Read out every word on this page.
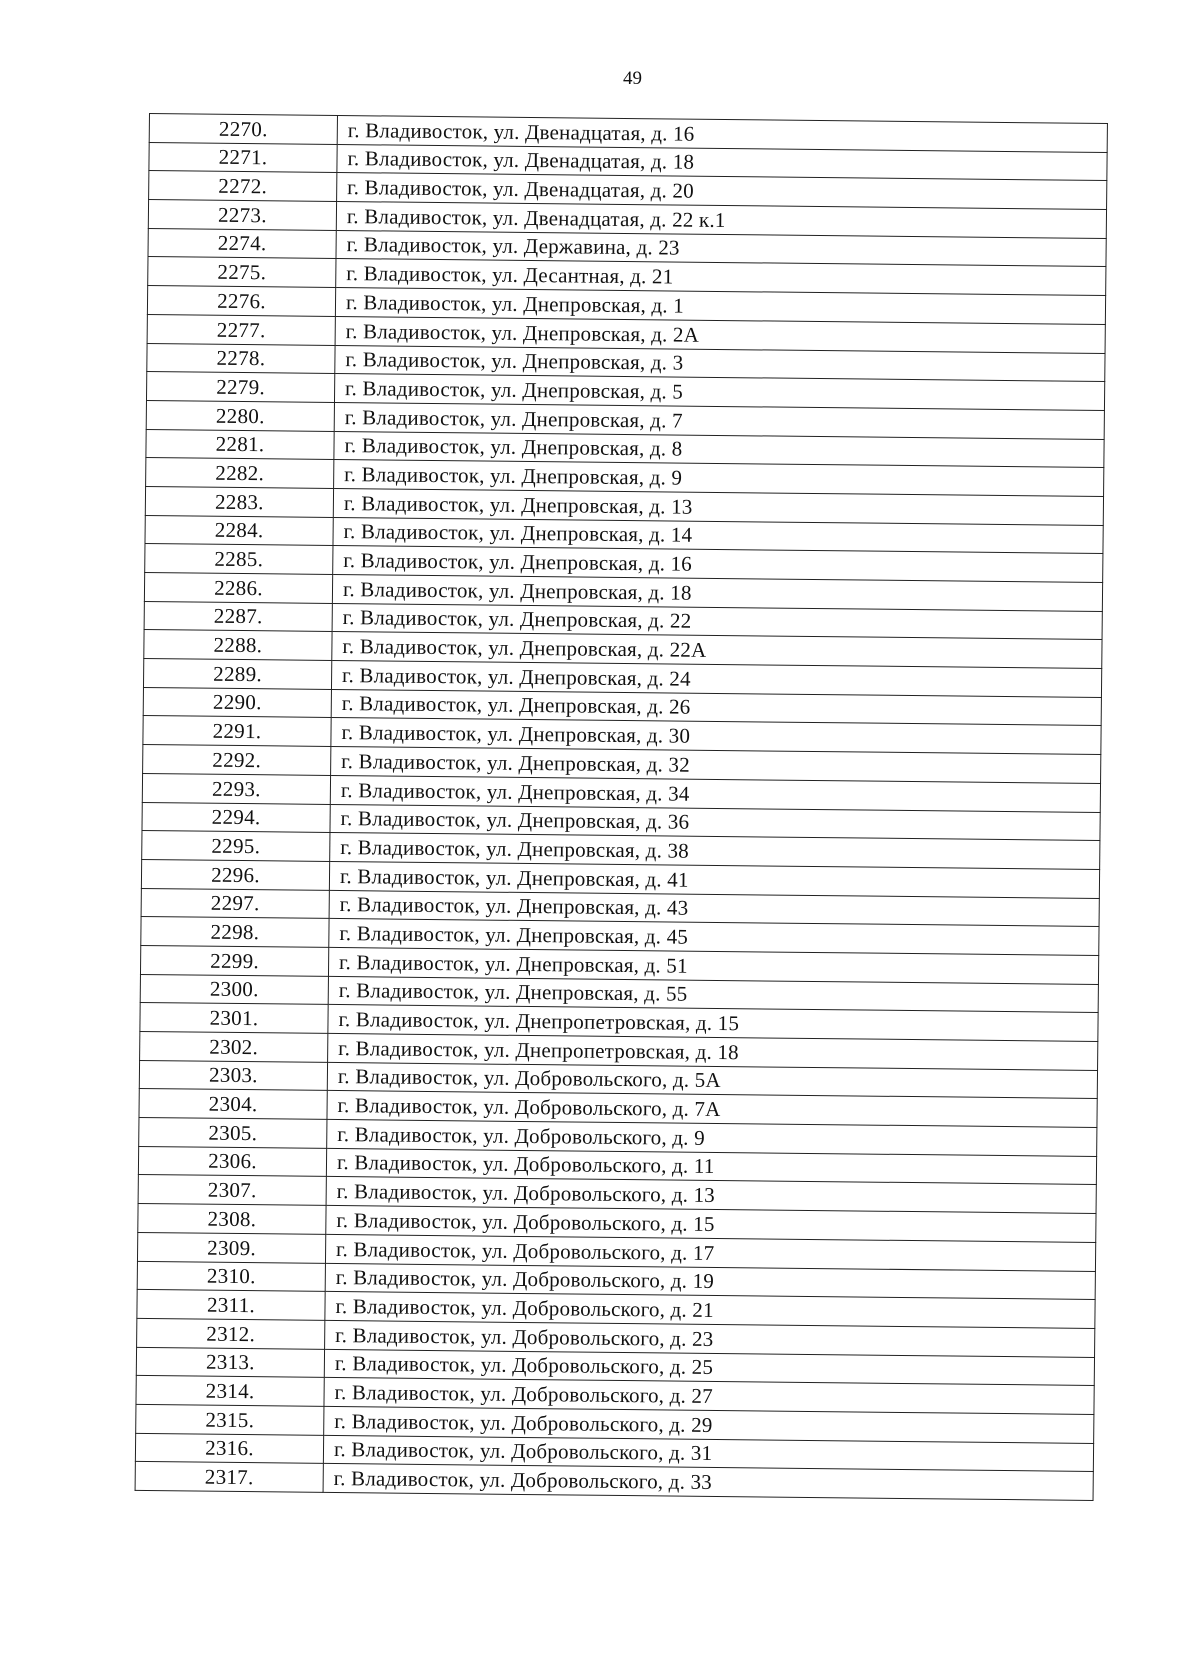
49
2270.	г. Владивосток, ул. Двенадцатая, д. 16
2271.	г. Владивосток, ул. Двенадцатая, д. 18
2272.	г. Владивосток, ул. Двенадцатая, д. 20
2273.	г. Владивосток, ул. Двенадцатая, д. 22 к.1
2274.	г. Владивосток, ул. Державина, д. 23
2275.	г. Владивосток, ул. Десантная, д. 21
2276.	г. Владивосток, ул. Днепровская, д. 1
2277.	г. Владивосток, ул. Днепровская, д. 2А
2278.	г. Владивосток, ул. Днепровская, д. 3
2279.	г. Владивосток, ул. Днепровская, д. 5
2280.	г. Владивосток, ул. Днепровская, д. 7
2281.	г. Владивосток, ул. Днепровская, д. 8
2282.	г. Владивосток, ул. Днепровская, д. 9
2283.	г. Владивосток, ул. Днепровская, д. 13
2284.	г. Владивосток, ул. Днепровская, д. 14
2285.	г. Владивосток, ул. Днепровская, д. 16
2286.	г. Владивосток, ул. Днепровская, д. 18
2287.	г. Владивосток, ул. Днепровская, д. 22
2288.	г. Владивосток, ул. Днепровская, д. 22А
2289.	г. Владивосток, ул. Днепровская, д. 24
2290.	г. Владивосток, ул. Днепровская, д. 26
2291.	г. Владивосток, ул. Днепровская, д. 30
2292.	г. Владивосток, ул. Днепровская, д. 32
2293.	г. Владивосток, ул. Днепровская, д. 34
2294.	г. Владивосток, ул. Днепровская, д. 36
2295.	г. Владивосток, ул. Днепровская, д. 38
2296.	г. Владивосток, ул. Днепровская, д. 41
2297.	г. Владивосток, ул. Днепровская, д. 43
2298.	г. Владивосток, ул. Днепровская, д. 45
2299.	г. Владивосток, ул. Днепровская, д. 51
2300.	г. Владивосток, ул. Днепровская, д. 55
2301.	г. Владивосток, ул. Днепропетровская, д. 15
2302.	г. Владивосток, ул. Днепропетровская, д. 18
2303.	г. Владивосток, ул. Добровольского, д. 5А
2304.	г. Владивосток, ул. Добровольского, д. 7А
2305.	г. Владивосток, ул. Добровольского, д. 9
2306.	г. Владивосток, ул. Добровольского, д. 11
2307.	г. Владивосток, ул. Добровольского, д. 13
2308.	г. Владивосток, ул. Добровольского, д. 15
2309.	г. Владивосток, ул. Добровольского, д. 17
2310.	г. Владивосток, ул. Добровольского, д. 19
2311.	г. Владивосток, ул. Добровольского, д. 21
2312.	г. Владивосток, ул. Добровольского, д. 23
2313.	г. Владивосток, ул. Добровольского, д. 25
2314.	г. Владивосток, ул. Добровольского, д. 27
2315.	г. Владивосток, ул. Добровольского, д. 29
2316.	г. Владивосток, ул. Добровольского, д. 31
2317.	г. Владивосток, ул. Добровольского, д. 33
